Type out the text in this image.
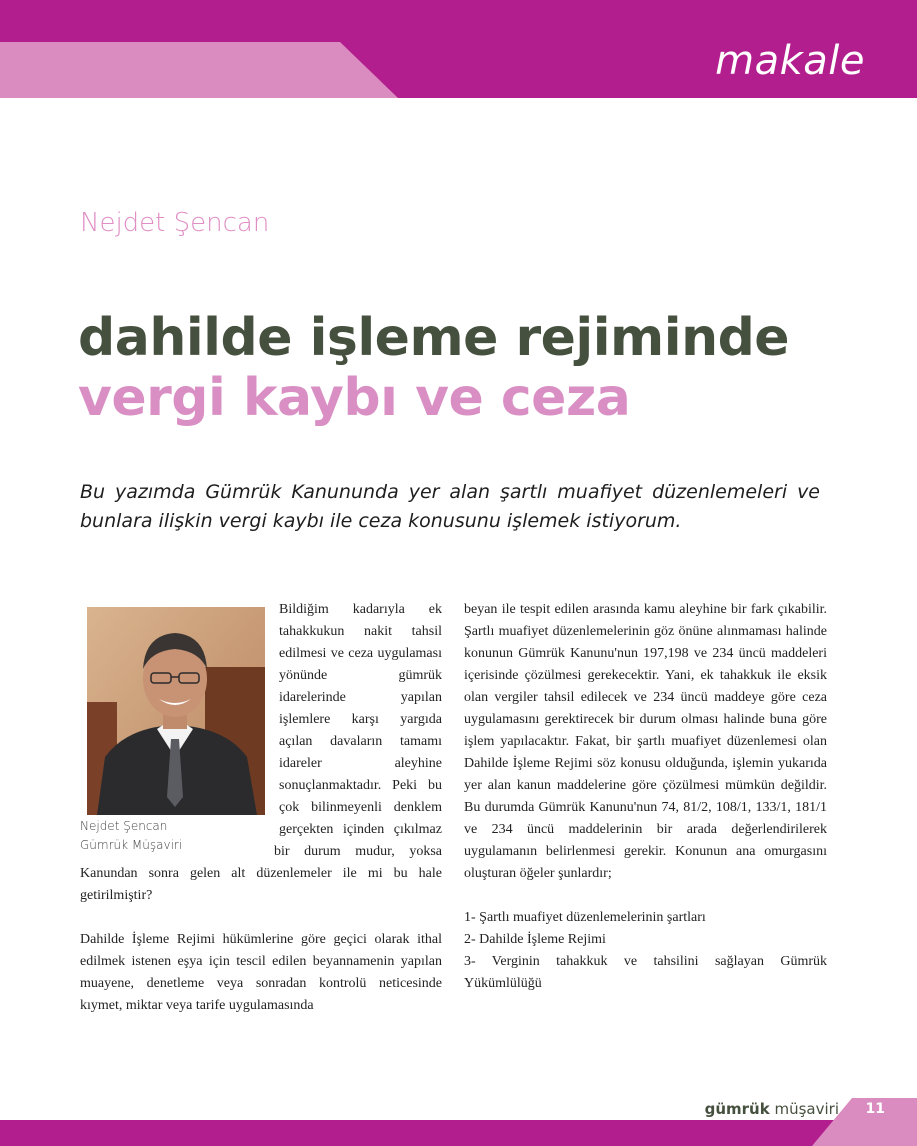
makale

Nejdet Şencan

dahilde işleme rejiminde
vergi kaybı ve ceza

Bu yazımda Gümrük Kanununda yer alan şartlı muafiyet düzenlemeleri ve bunlara ilişkin vergi kaybı ile ceza konusunu işlemek istiyorum.

Nejdet Şencan
Gümrük Müşaviri

Bildiğim kadarıyla ek tahakkukun nakit tahsil edilmesi ve ceza uygulaması yönünde gümrük idarelerinde yapılan işlemlere karşı yargıda açılan davaların tamamı idareler aleyhine sonuçlanmaktadır. Peki bu çok bilinmeyenli denklem gerçekten içinden çıkılmaz bir durum mudur, yoksa Kanundan sonra gelen alt düzenlemeler ile mi bu hale getirilmiştir?

Dahilde İşleme Rejimi hükümlerine göre geçici olarak ithal edilmek istenen eşya için tescil edilen beyannamenin yapılan muayene, denetleme veya sonradan kontrolü neticesinde kıymet, miktar veya tarife uygulamasında

beyan ile tespit edilen arasında kamu aleyhine bir fark çıkabilir. Şartlı muafiyet düzenlemelerinin göz önüne alınmaması halinde konunun Gümrük Kanunu'nun 197,198 ve 234 üncü maddeleri içerisinde çözülmesi gerekecektir. Yani, ek tahakkuk ile eksik olan vergiler tahsil edilecek ve 234 üncü maddeye göre ceza uygulamasını gerektirecek bir durum olması halinde buna göre işlem yapılacaktır. Fakat, bir şartlı muafiyet düzenlemesi olan Dahilde İşleme Rejimi söz konusu olduğunda, işlemin yukarıda yer alan kanun maddelerine göre çözülmesi mümkün değildir. Bu durumda Gümrük Kanunu'nun 74, 81/2, 108/1, 133/1, 181/1 ve 234 üncü maddelerinin bir arada değerlendirilerek uygulamanın belirlenmesi gerekir. Konunun ana omurgasını oluşturan öğeler şunlardır;

1- Şartlı muafiyet düzenlemelerinin şartları
2- Dahilde İşleme Rejimi
3- Verginin tahakkuk ve tahsilini sağlayan Gümrük Yükümlülüğü

gümrük müşaviri 11
